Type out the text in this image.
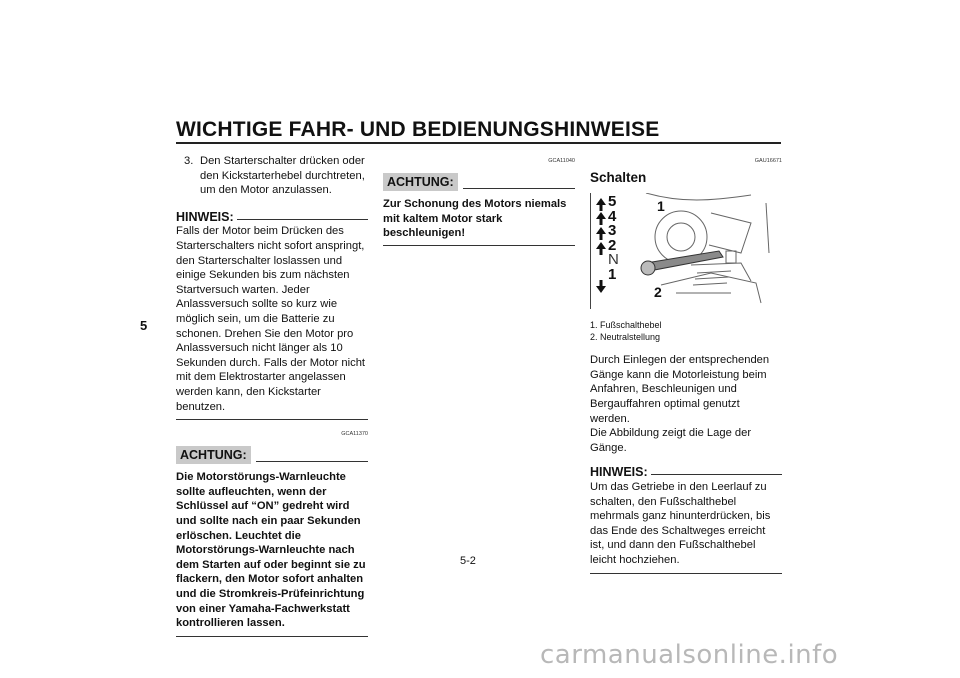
WICHTIGE FAHR- UND BEDIENUNGSHINWEISE
5
3. Den Starterschalter drücken oder den Kickstarterhebel durchtreten, um den Motor anzulassen.
HINWEIS:
Falls der Motor beim Drücken des Starterschalters nicht sofort anspringt, den Starterschalter loslassen und einige Sekunden bis zum nächsten Startversuch warten. Jeder Anlassversuch sollte so kurz wie möglich sein, um die Batterie zu schonen. Drehen Sie den Motor pro Anlassversuch nicht länger als 10 Sekunden durch. Falls der Motor nicht mit dem Elektrostarter angelassen werden kann, den Kickstarter benutzen.
GCA11370
ACHTUNG:
Die Motorstörungs-Warnleuchte sollte aufleuchten, wenn der Schlüssel auf “ON” gedreht wird und sollte nach ein paar Sekunden erlöschen. Leuchtet die Motorstörungs-Warnleuchte nach dem Starten auf oder beginnt sie zu flackern, den Motor sofort anhalten und die Stromkreis-Prüfeinrichtung von einer Yamaha-Fachwerkstatt kontrollieren lassen.
GCA11040
ACHTUNG:
Zur Schonung des Motors niemals mit kaltem Motor stark beschleunigen!
GAU16671
Schalten
5
4
3
2
N
1
1
2
1. Fußschalthebel
2. Neutralstellung
Durch Einlegen der entsprechenden Gänge kann die Motorleistung beim Anfahren, Beschleunigen und Bergauffahren optimal genutzt werden.
Die Abbildung zeigt die Lage der Gänge.
HINWEIS:
Um das Getriebe in den Leerlauf zu schalten, den Fußschalthebel mehrmals ganz hinunterdrücken, bis das Ende des Schaltweges erreicht ist, und dann den Fußschalthebel leicht hochziehen.
5-2
carmanualsonline.info
